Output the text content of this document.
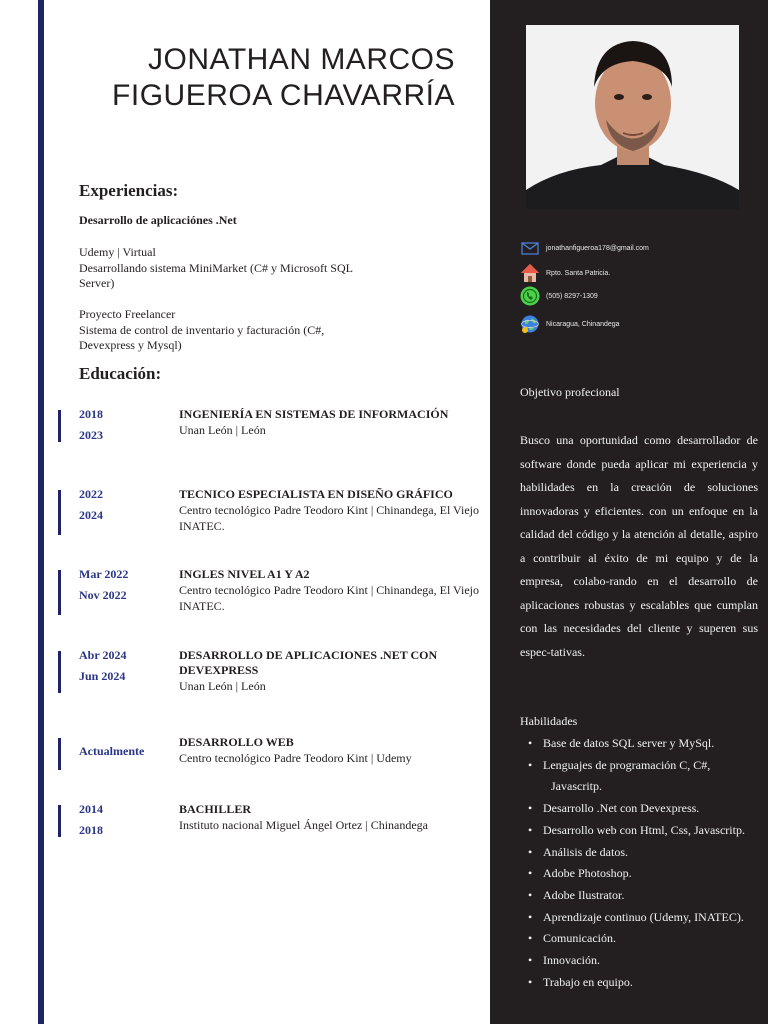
JONATHAN MARCOS
FIGUEROA CHAVARRÍA
Experiencias:
Desarrollo de aplicaciónes .Net
Udemy | Virtual
Desarrollando sistema MiniMarket (C# y Microsoft SQL
Server)
Proyecto Freelancer
Sistema de control de inventario y facturación (C#,
Devexpress y Mysql)
Educación:
2018
2023
INGENIERÍA EN SISTEMAS DE INFORMACIÓN
Unan León | León
2022
2024
TECNICO ESPECIALISTA EN DISEÑO GRÁFICO
Centro tecnológico Padre Teodoro Kint | Chinandega, El Viejo INATEC.
Mar 2022
Nov 2022
INGLES NIVEL A1 Y A2
Centro tecnológico Padre Teodoro Kint | Chinandega, El Viejo INATEC.
Abr 2024
Jun 2024
DESARROLLO DE APLICACIONES .NET CON DEVEXPRESS
Unan León | León
Actualmente
DESARROLLO WEB
Centro tecnológico Padre Teodoro Kint | Udemy
2014
2018
BACHILLER
Instituto nacional Miguel Ángel Ortez | Chinandega
jonathanfigueroa178@gmail.com
Rpto. Santa Patricia.
(505) 8297-1309
Nicaragua, Chinandega
Objetivo profecional
Busco una oportunidad como desarrollador de software donde pueda aplicar mi experiencia y habilidades en la creación de soluciones innovadoras y eficientes. con un enfoque en la calidad del código y la atención al detalle, aspiro a contribuir al éxito de mi equipo y de la empresa, colabo-rando en el desarrollo de aplicaciones robustas y escalables que cumplan con las necesidades del cliente y superen sus espec-tativas.
Habilidades
• Base de datos SQL server y MySql.
• Lenguajes de programación C, C#,
Javascritp.
• Desarrollo .Net con Devexpress.
• Desarrollo web con Html, Css, Javascritp.
• Análisis de datos.
• Adobe Photoshop.
• Adobe Ilustrator.
• Aprendizaje continuo (Udemy, INATEC).
• Comunicación.
• Innovación.
• Trabajo en equipo.
